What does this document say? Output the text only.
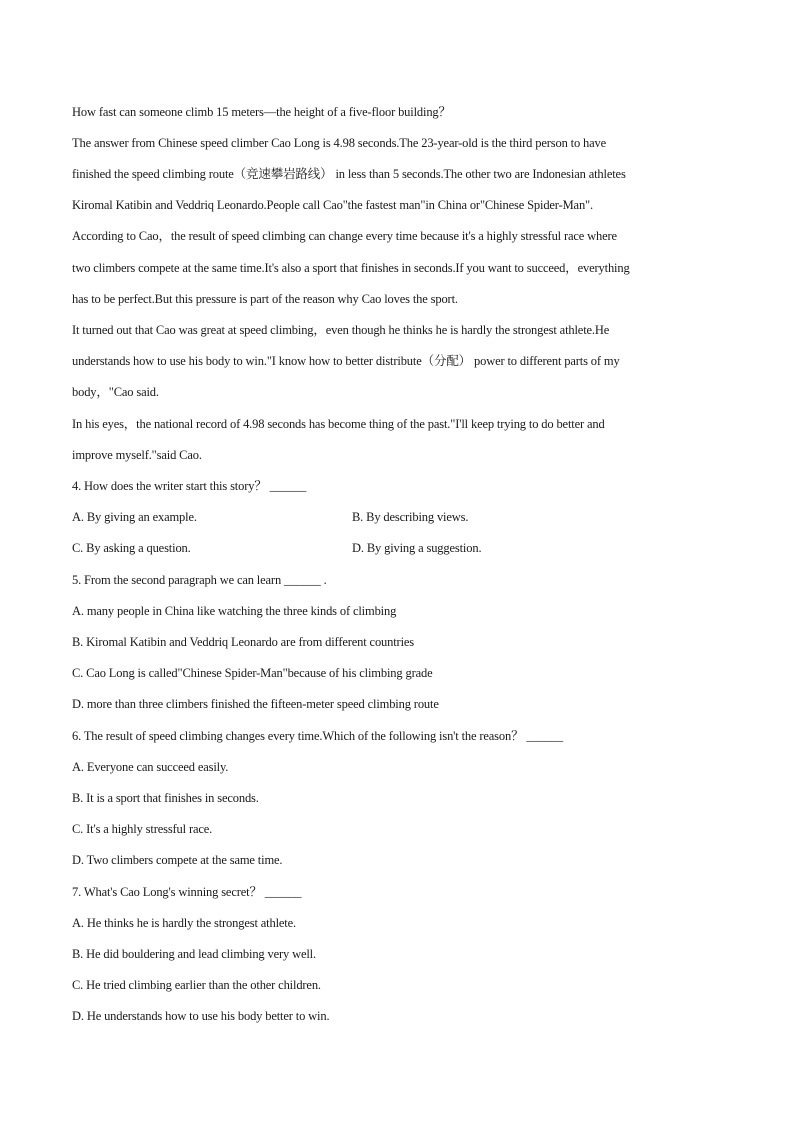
How fast can someone climb 15 meters—the height of a five-floor building？
The answer from Chinese speed climber Cao Long is 4.98 seconds.The 23-year-old is the third person to have
finished the speed climbing route（竞速攀岩路线） in less than 5 seconds.The other two are Indonesian athletes
Kiromal Katibin and Veddriq Leonardo.People call Cao"the fastest man"in China or"Chinese Spider-Man".
According to Cao，the result of speed climbing can change every time because it's a highly stressful race where
two climbers compete at the same time.It's also a sport that finishes in seconds.If you want to succeed，everything
has to be perfect.But this pressure is part of the reason why Cao loves the sport.
It turned out that Cao was great at speed climbing，even though he thinks he is hardly the strongest athlete.He
understands how to use his body to win."I know how to better distribute（分配） power to different parts of my
body，"Cao said.
In his eyes，the national record of 4.98 seconds has become thing of the past."I'll keep trying to do better and
improve myself."said Cao.
4. How does the writer start this story？ ______
A. By giving an example.	B. By describing views.
C. By asking a question.	D. By giving a suggestion.
5. From the second paragraph we can learn ______ .
A. many people in China like watching the three kinds of climbing
B. Kiromal Katibin and Veddriq Leonardo are from different countries
C. Cao Long is called"Chinese Spider-Man"because of his climbing grade
D. more than three climbers finished the fifteen-meter speed climbing route
6. The result of speed climbing changes every time.Which of the following isn't the reason？ ______
A. Everyone can succeed easily.
B. It is a sport that finishes in seconds.
C. It's a highly stressful race.
D. Two climbers compete at the same time.
7. What's Cao Long's winning secret？ ______
A. He thinks he is hardly the strongest athlete.
B. He did bouldering and lead climbing very well.
C. He tried climbing earlier than the other children.
D. He understands how to use his body better to win.
